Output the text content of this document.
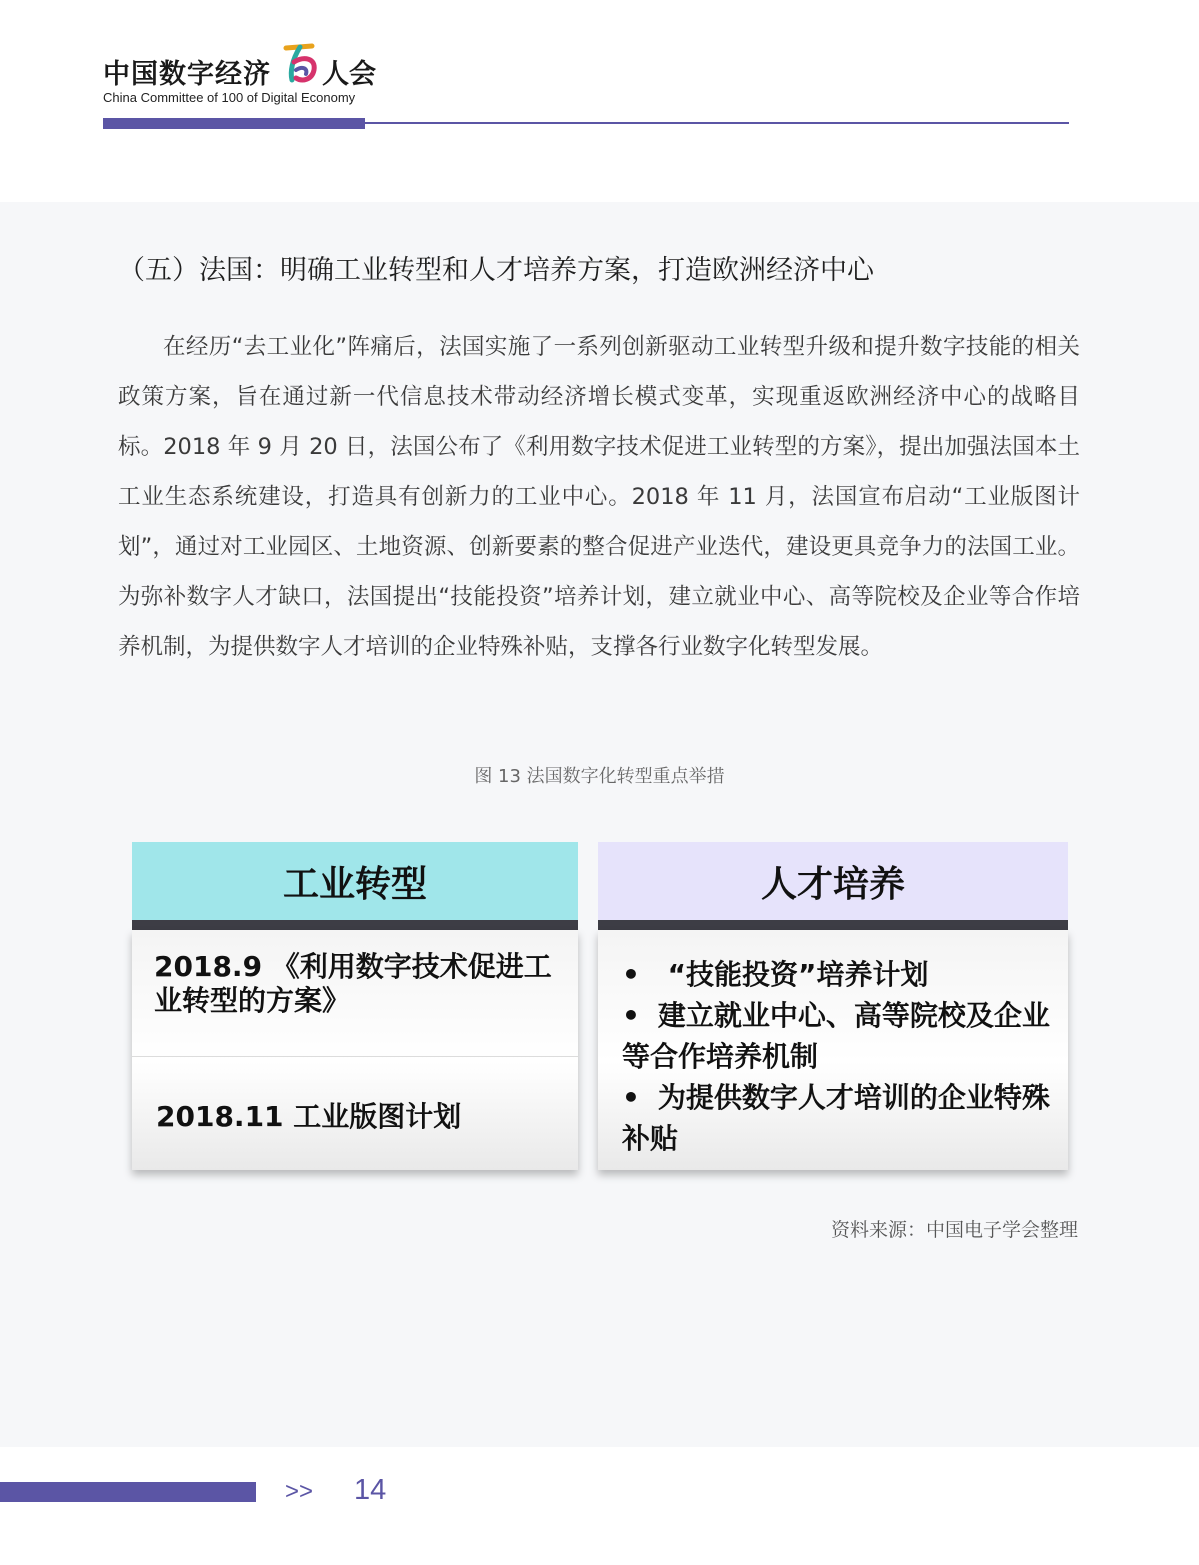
中国数字经济 人会
China Committee of 100 of Digital Economy
（五）法国：明确工业转型和人才培养方案，打造欧洲经济中心

在经历“去工业化”阵痛后，法国实施了一系列创新驱动工业转型升级和提升数字技能的相关政策方案，旨在通过新一代信息技术带动经济增长模式变革，实现重返欧洲经济中心的战略目标。2018 年 9 月 20 日，法国公布了《利用数字技术促进工业转型的方案》，提出加强法国本土工业生态系统建设，打造具有创新力的工业中心。2018 年 11 月，法国宣布启动“工业版图计划”，通过对工业园区、土地资源、创新要素的整合促进产业迭代，建设更具竞争力的法国工业。为弥补数字人才缺口，法国提出“技能投资”培养计划，建立就业中心、高等院校及企业等合作培养机制，为提供数字人才培训的企业特殊补贴，支撑各行业数字化转型发展。

图 13 法国数字化转型重点举措
工业转型
2018.9 《利用数字技术促进工业转型的方案》
2018.11 工业版图计划
人才培养
• “技能投资”培养计划
• 建立就业中心、高等院校及企业等合作培养机制
• 为提供数字人才培训的企业特殊补贴
资料来源：中国电子学会整理
>> 14
